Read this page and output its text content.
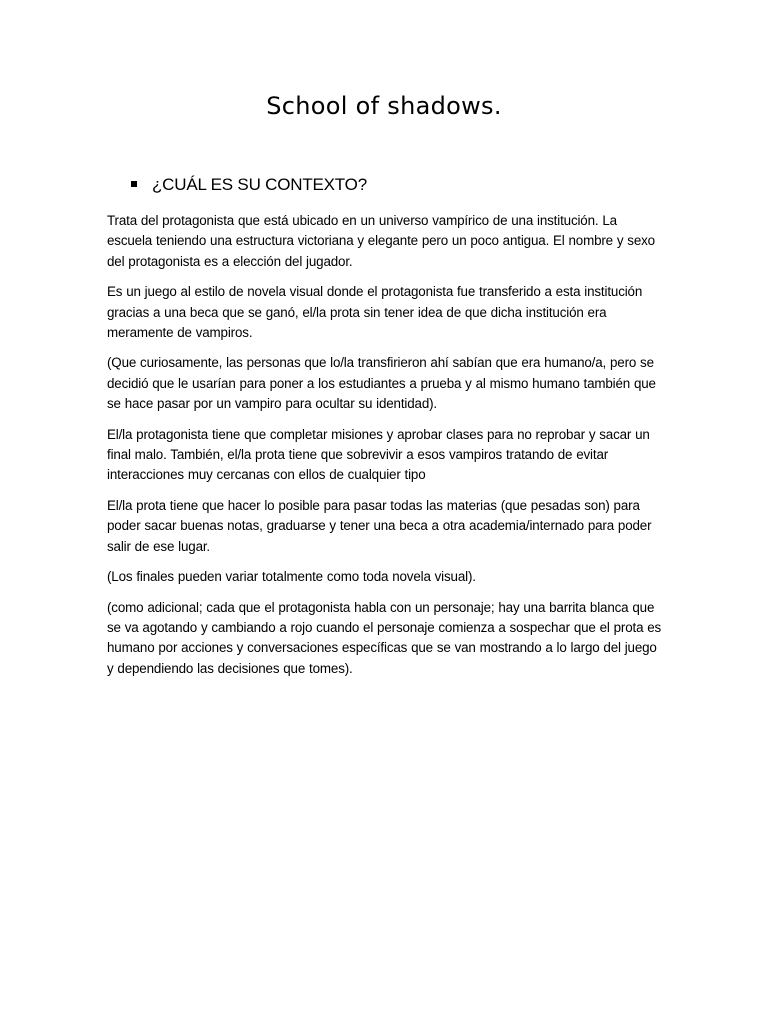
School of shadows.
¿CUÁL ES SU CONTEXTO?

Trata del protagonista que está ubicado en un universo vampírico de una institución. La escuela teniendo una estructura victoriana y elegante pero un poco antigua. El nombre y sexo del protagonista es a elección del jugador.

Es un juego al estilo de novela visual donde el protagonista fue transferido a esta institución gracias a una beca que se ganó, el/la prota sin tener idea de que dicha institución era meramente de vampiros.

(Que curiosamente, las personas que lo/la transfirieron ahí sabían que era humano/a, pero se decidió que le usarían para poner a los estudiantes a prueba y al mismo humano también que se hace pasar por un vampiro para ocultar su identidad).

El/la protagonista tiene que completar misiones y aprobar clases para no reprobar y sacar un final malo. También, el/la prota tiene que sobrevivir a esos vampiros tratando de evitar interacciones muy cercanas con ellos de cualquier tipo

El/la prota tiene que hacer lo posible para pasar todas las materias (que pesadas son) para poder sacar buenas notas, graduarse y tener una beca a otra academia/internado para poder salir de ese lugar.

(Los finales pueden variar totalmente como toda novela visual).

(como adicional; cada que el protagonista habla con un personaje; hay una barrita blanca que se va agotando y cambiando a rojo cuando el personaje comienza a sospechar que el prota es humano por acciones y conversaciones específicas que se van mostrando a lo largo del juego y dependiendo las decisiones que tomes).
